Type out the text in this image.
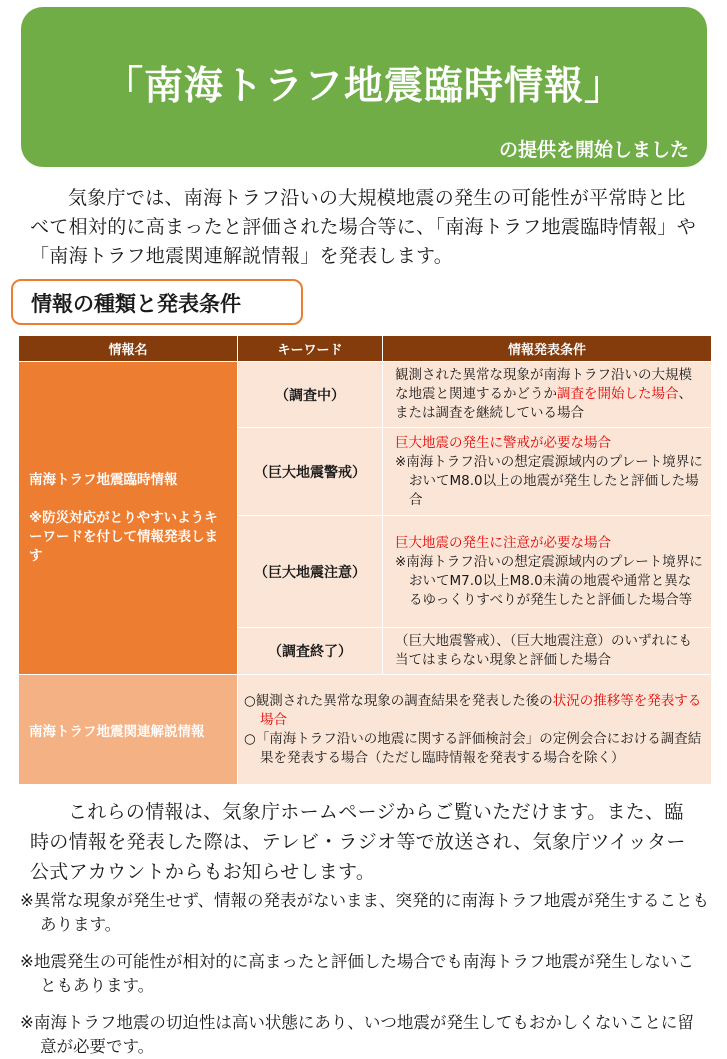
「南海トラフ地震臨時情報」
の提供を開始しました

気象庁では、南海トラフ沿いの大規模地震の発生の可能性が平常時と比べて相対的に高まったと評価された場合等に、「南海トラフ地震臨時情報」や「南海トラフ地震関連解説情報」を発表します。

情報の種類と発表条件
情報名	キーワード	情報発表条件

南海トラフ地震臨時情報
※防災対応がとりやすいようキーワードを付して情報発表します	（調査中）	観測された異常な現象が南海トラフ沿いの大規模な地震と関連するかどうか調査を開始した場合、または調査を継続している場合
	（巨大地震警戒）	巨大地震の発生に警戒が必要な場合
※南海トラフ沿いの想定震源域内のプレート境界においてM8.0以上の地震が発生したと評価した場合

	（巨大地震注意）	巨大地震の発生に注意が必要な場合
※南海トラフ沿いの想定震源域内のプレート境界においてM7.0以上M8.0未満の地震や通常と異なるゆっくりすべりが発生したと評価した場合等

	（調査終了）	（巨大地震警戒）、（巨大地震注意）のいずれにも当てはまらない現象と評価した場合
南海トラフ地震関連解説情報	○観測された異常な現象の調査結果を発表した後の状況の推移等を発表する場合
○「南海トラフ沿いの地震に関する評価検討会」の定例会合における調査結果を発表する場合（ただし臨時情報を発表する場合を除く）	

これらの情報は、気象庁ホームページからご覧いただけます。また、臨時の情報を発表した際は、テレビ・ラジオ等で放送され、気象庁ツイッター公式アカウントからもお知らせします。

※異常な現象が発生せず、情報の発表がないまま、突発的に南海トラフ地震が発生することもあります。

※地震発生の可能性が相対的に高まったと評価した場合でも南海トラフ地震が発生しないこともあります。

※南海トラフ地震の切迫性は高い状態にあり、いつ地震が発生してもおかしくないことに留意が必要です。
